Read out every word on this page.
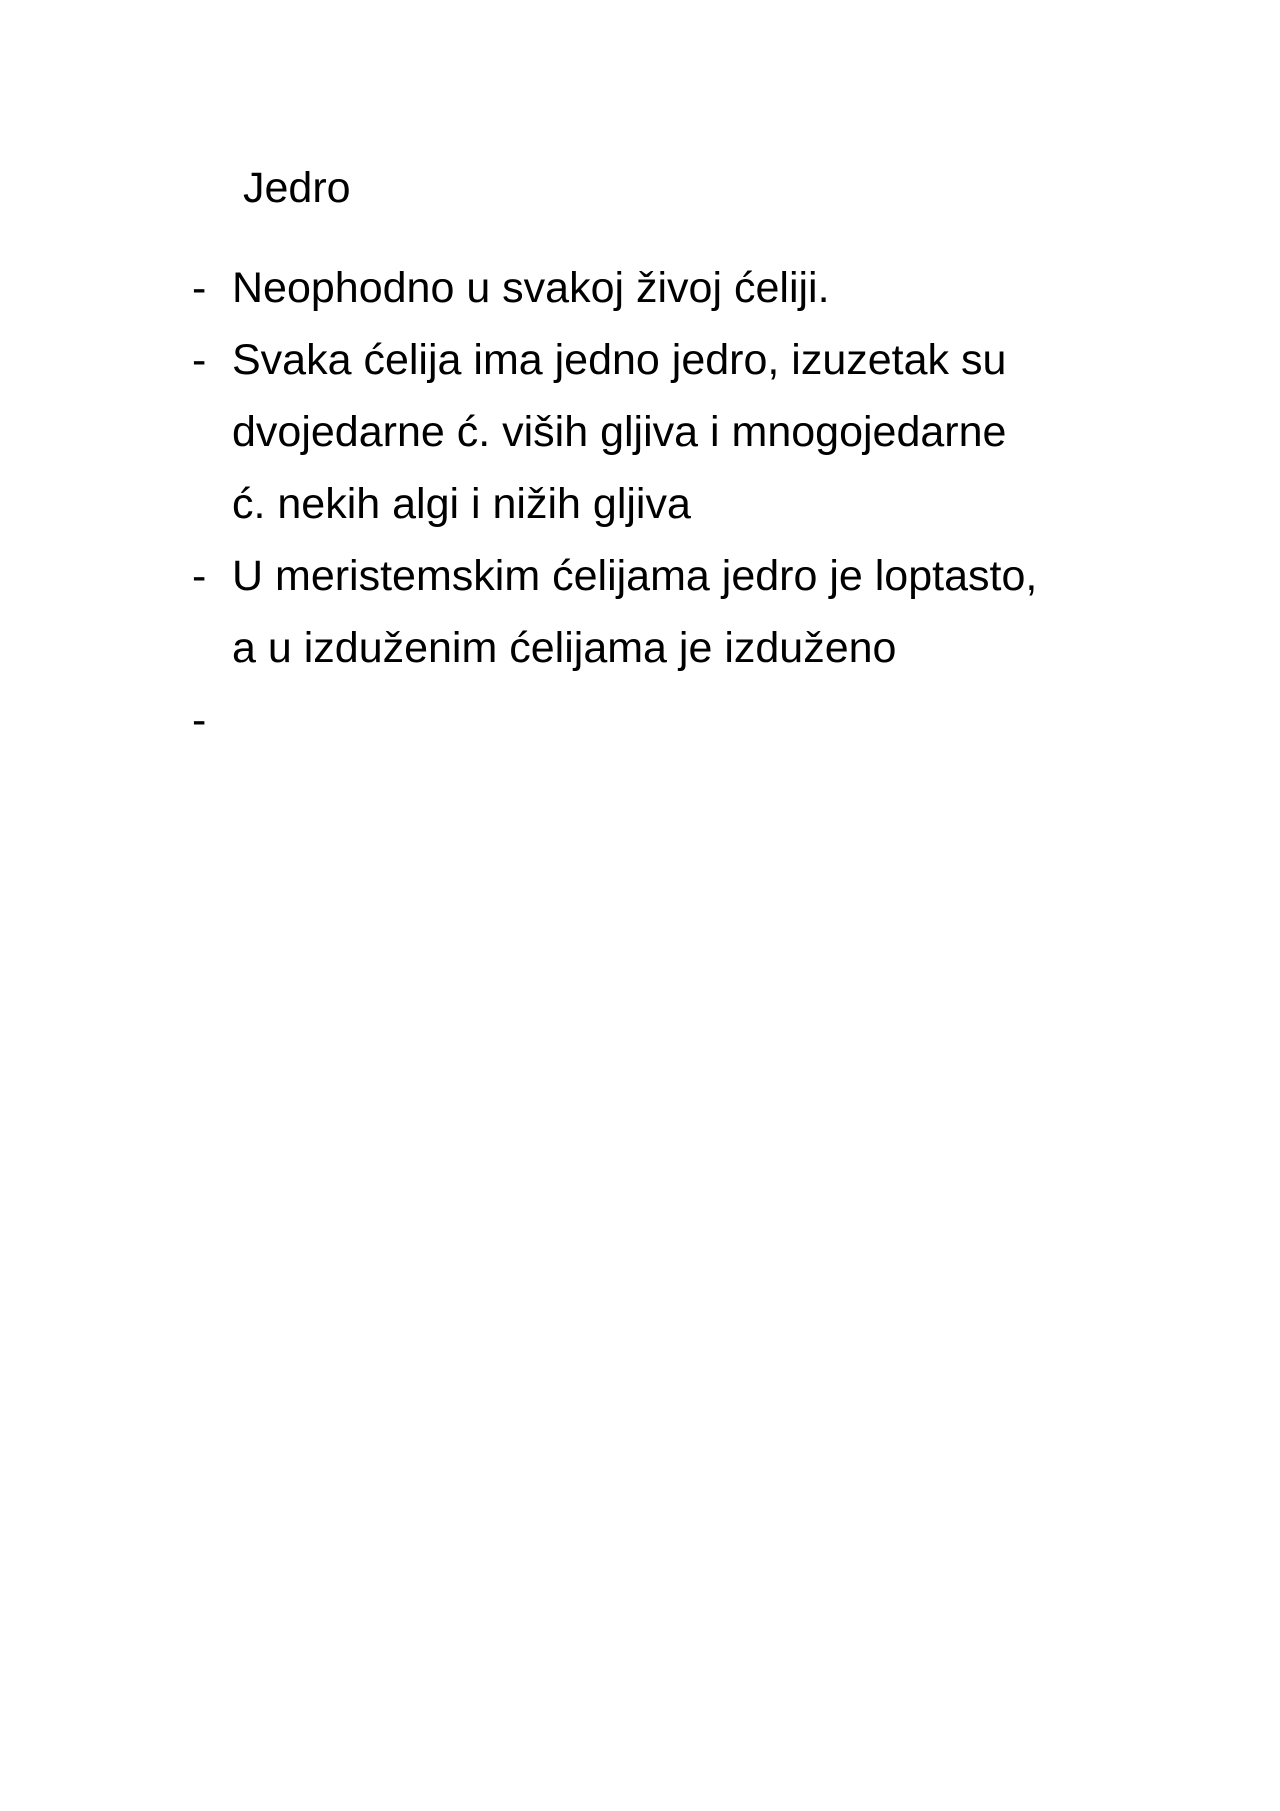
Jedro
- Neophodno u svakoj živoj ćeliji.
- Svaka ćelija ima jedno jedro, izuzetak su
dvojedarne ć. viših gljiva i mnogojedarne
ć. nekih algi i nižih gljiva
- U meristemskim ćelijama jedro je loptasto,
a u izduženim ćelijama je izduženo
-
